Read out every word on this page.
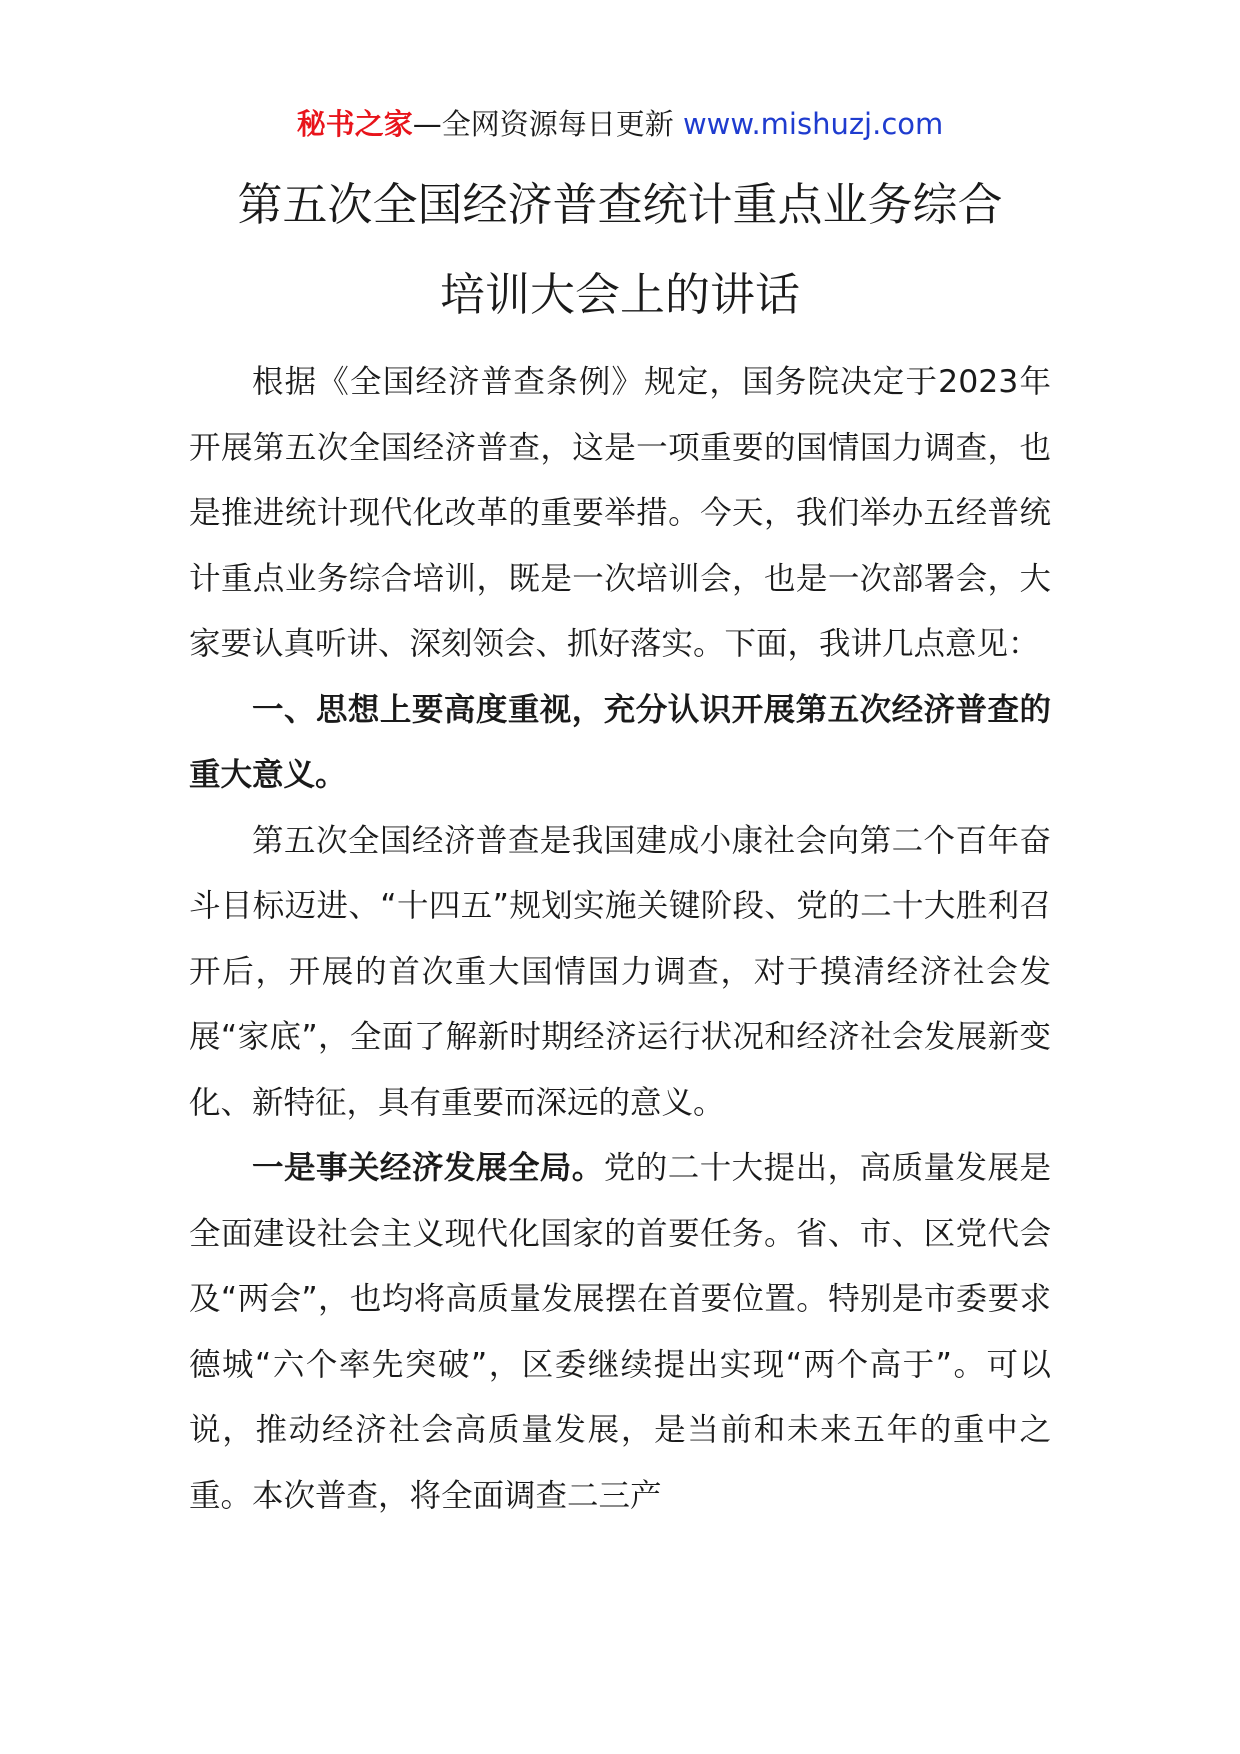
秘书之家—全网资源每日更新 www.mishuzj.com
第五次全国经济普查统计重点业务综合
培训大会上的讲话

根据《全国经济普查条例》规定，国务院决定于2023年开展第五次全国经济普查，这是一项重要的国情国力调查，也是推进统计现代化改革的重要举措。今天，我们举办五经普统计重点业务综合培训，既是一次培训会，也是一次部署会，大家要认真听讲、深刻领会、抓好落实。下面，我讲几点意见：

一、思想上要高度重视，充分认识开展第五次经济普查的重大意义。

第五次全国经济普查是我国建成小康社会向第二个百年奋斗目标迈进、“十四五”规划实施关键阶段、党的二十大胜利召开后，开展的首次重大国情国力调查，对于摸清经济社会发展“家底”，全面了解新时期经济运行状况和经济社会发展新变化、新特征，具有重要而深远的意义。

一是事关经济发展全局。党的二十大提出，高质量发展是全面建设社会主义现代化国家的首要任务。省、市、区党代会及“两会”，也均将高质量发展摆在首要位置。特别是市委要求德城“六个率先突破”，区委继续提出实现“两个高于”。可以说，推动经济社会高质量发展，是当前和未来五年的重中之重。本次普查，将全面调查二三产
